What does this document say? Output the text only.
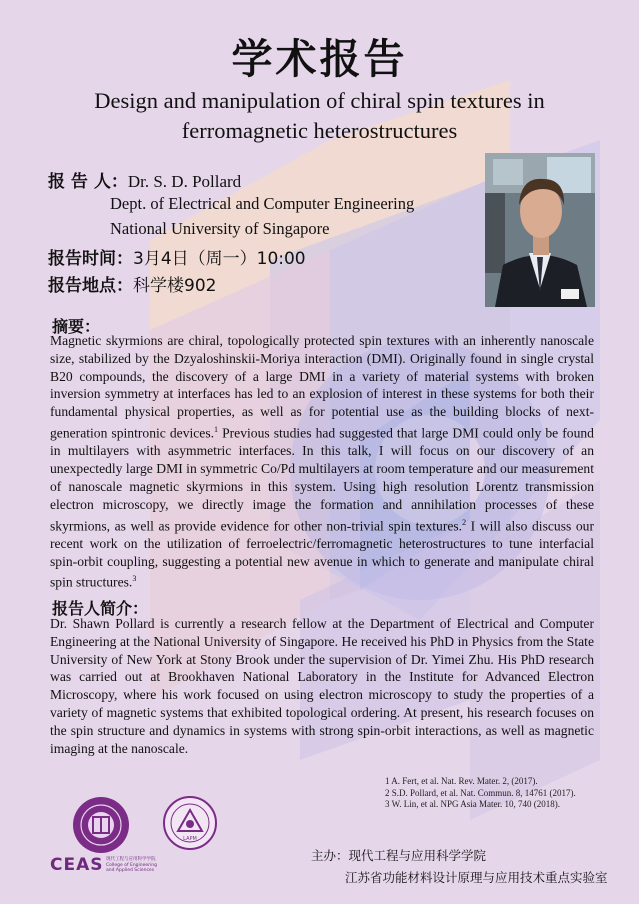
学术报告
Design and manipulation of chiral spin textures in ferromagnetic heterostructures
报 告 人：Dr. S. D. Pollard
Dept. of Electrical and Computer Engineering
National University of Singapore
报告时间：3月4日（周一）10:00
报告地点：科学楼902
摘要：
Magnetic skyrmions are chiral, topologically protected spin textures with an inherently nanoscale size, stabilized by the Dzyaloshinskii-Moriya interaction (DMI). Originally found in single crystal B20 compounds, the discovery of a large DMI in a variety of material systems with broken inversion symmetry at interfaces has led to an explosion of interest in these systems for both their fundamental physical properties, as well as for potential use as the building blocks of next-generation spintronic devices.$^1$ Previous studies had suggested that large DMI could only be found in multilayers with asymmetric interfaces. In this talk, I will focus on our discovery of an unexpectedly large DMI in symmetric Co/Pd multilayers at room temperature and our measurement of nanoscale magnetic skyrmions in this system. Using high resolution Lorentz transmission electron microscopy, we directly image the formation and annihilation processes of these skyrmions, as well as provide evidence for other non-trivial spin textures.$^2$ I will also discuss our recent work on the utilization of ferroelectric/ferromagnetic heterostructures to tune interfacial spin-orbit coupling, suggesting a potential new avenue in which to generate and manipulate chiral spin structures.$^3$
报告人简介：
Dr. Shawn Pollard is currently a research fellow at the Department of Electrical and Computer Engineering at the National University of Singapore. He received his PhD in Physics from the State University of New York at Stony Brook under the supervision of Dr. Yimei Zhu. His PhD research was carried out at Brookhaven National Laboratory in the Institute for Advanced Electron Microscopy, where his work focused on using electron microscopy to study the properties of a variety of magnetic systems that exhibited topological ordering. At present, his research focuses on the spin structure and dynamics in systems with strong spin-orbit interactions, as well as magnetic imaging at the nanoscale.
1 A. Fert, et al. Nat. Rev. Mater. 2, (2017).
2 S.D. Pollard, et al. Nat. Commun. 8, 14761 (2017).
3 W. Lin, et al. NPG Asia Mater. 10, 740 (2018).
CEAS 现代工程与应用科学学院 College of Engineering and Applied Sciences
LAPM
主办：现代工程与应用科学学院
江苏省功能材料设计原理与应用技术重点实验室
